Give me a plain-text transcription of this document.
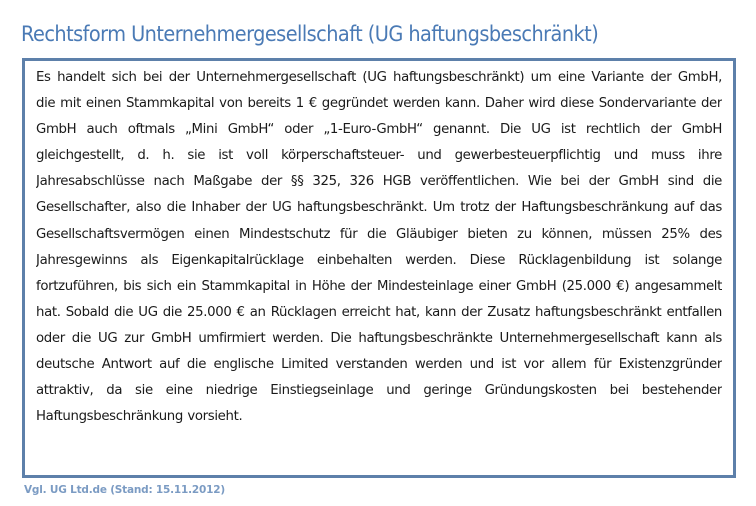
Rechtsform Unternehmergesellschaft (UG haftungsbeschränkt)

Es handelt sich bei der Unternehmergesellschaft (UG haftungsbeschränkt) um eine Variante der GmbH,
die mit einen Stammkapital von bereits 1 € gegründet werden kann. Daher wird diese Sondervariante der
GmbH auch oftmals „Mini GmbH“ oder „1-Euro-GmbH“ genannt. Die UG ist rechtlich der GmbH
gleichgestellt, d. h. sie ist voll körperschaftsteuer- und gewerbesteuerpflichtig und muss ihre
Jahresabschlüsse nach Maßgabe der §§ 325, 326 HGB veröffentlichen. Wie bei der GmbH sind die
Gesellschafter, also die Inhaber der UG haftungsbeschränkt. Um trotz der Haftungsbeschränkung auf das
Gesellschaftsvermögen einen Mindestschutz für die Gläubiger bieten zu können, müssen 25% des
Jahresgewinns als Eigenkapitalrücklage einbehalten werden. Diese Rücklagenbildung ist solange
fortzuführen, bis sich ein Stammkapital in Höhe der Mindesteinlage einer GmbH (25.000 €) angesammelt
hat. Sobald die UG die 25.000 € an Rücklagen erreicht hat, kann der Zusatz haftungsbeschränkt entfallen
oder die UG zur GmbH umfirmiert werden. Die haftungsbeschränkte Unternehmergesellschaft kann als
deutsche Antwort auf die englische Limited verstanden werden und ist vor allem für Existenzgründer
attraktiv, da sie eine niedrige Einstiegseinlage und geringe Gründungskosten bei bestehender
Haftungsbeschränkung vorsieht.

Vgl. UG Ltd.de (Stand: 15.11.2012)
